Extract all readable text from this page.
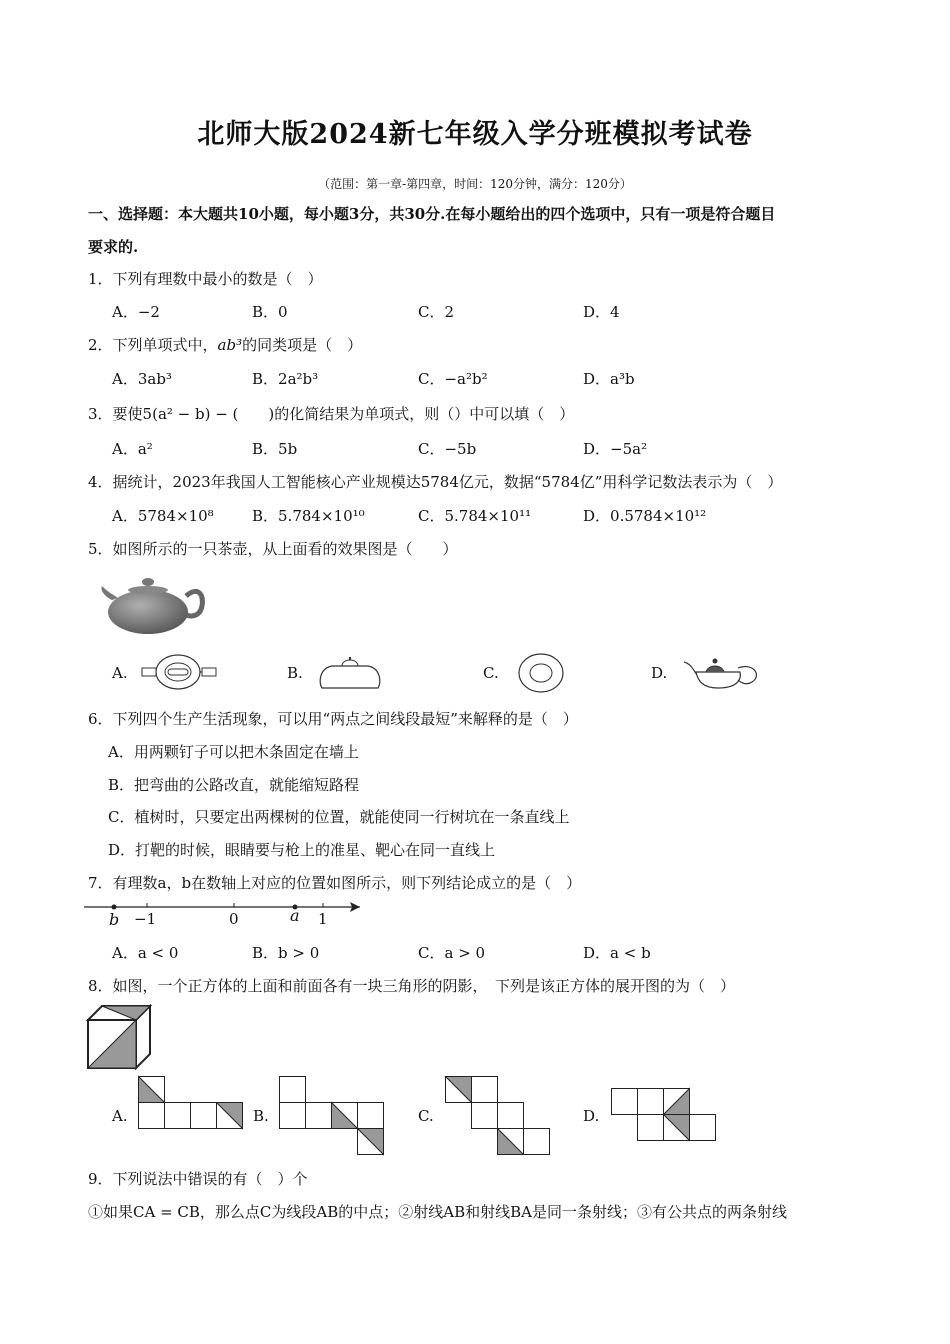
北师大版2024新七年级入学分班模拟考试卷
（范围：第一章-第四章，时间：120分钟，满分：120分）
一、选择题：本大题共10小题，每小题3分，共30分.在每小题给出的四个选项中，只有一项是符合题目
要求的.
1．下列有理数中最小的数是（　）
A．−2	B．0	C．2	D．4
2．下列单项式中，ab³的同类项是（　）
A．3ab³	B．2a²b³	C．−a²b²	D．a³b
3．要使5(a² − b) − (　　)的化简结果为单项式，则（）中可以填（　）
A．a²	B．5b	C．−5b	D．−5a²
4．据统计，2023年我国人工智能核心产业规模达5784亿元，数据“5784亿”用科学记数法表示为（　）
A．5784×10⁸	B．5.784×10¹⁰	C．5.784×10¹¹	D．0.5784×10¹²
5．如图所示的一只茶壶，从上面看的效果图是（　　）
A.	B.	C.	D.
6．下列四个生产生活现象，可以用“两点之间线段最短”来解释的是（　）
A．用两颗钉子可以把木条固定在墙上
B．把弯曲的公路改直，就能缩短路程
C．植树时，只要定出两棵树的位置，就能使同一行树坑在一条直线上
D．打靶的时候，眼睛要与枪上的准星、靶心在同一直线上
7．有理数a，b在数轴上对应的位置如图所示，则下列结论成立的是（　）
b −1	0	a 1
A．a < 0	B．b > 0	C．a > 0	D．a < b
8．如图，一个正方体的上面和前面各有一块三角形的阴影，　下列是该正方体的展开图的为（　）
A.	B.	C.	D.
9．下列说法中错误的有（　）个
①如果CA = CB，那么点C为线段AB的中点；②射线AB和射线BA是同一条射线；③有公共点的两条射线
